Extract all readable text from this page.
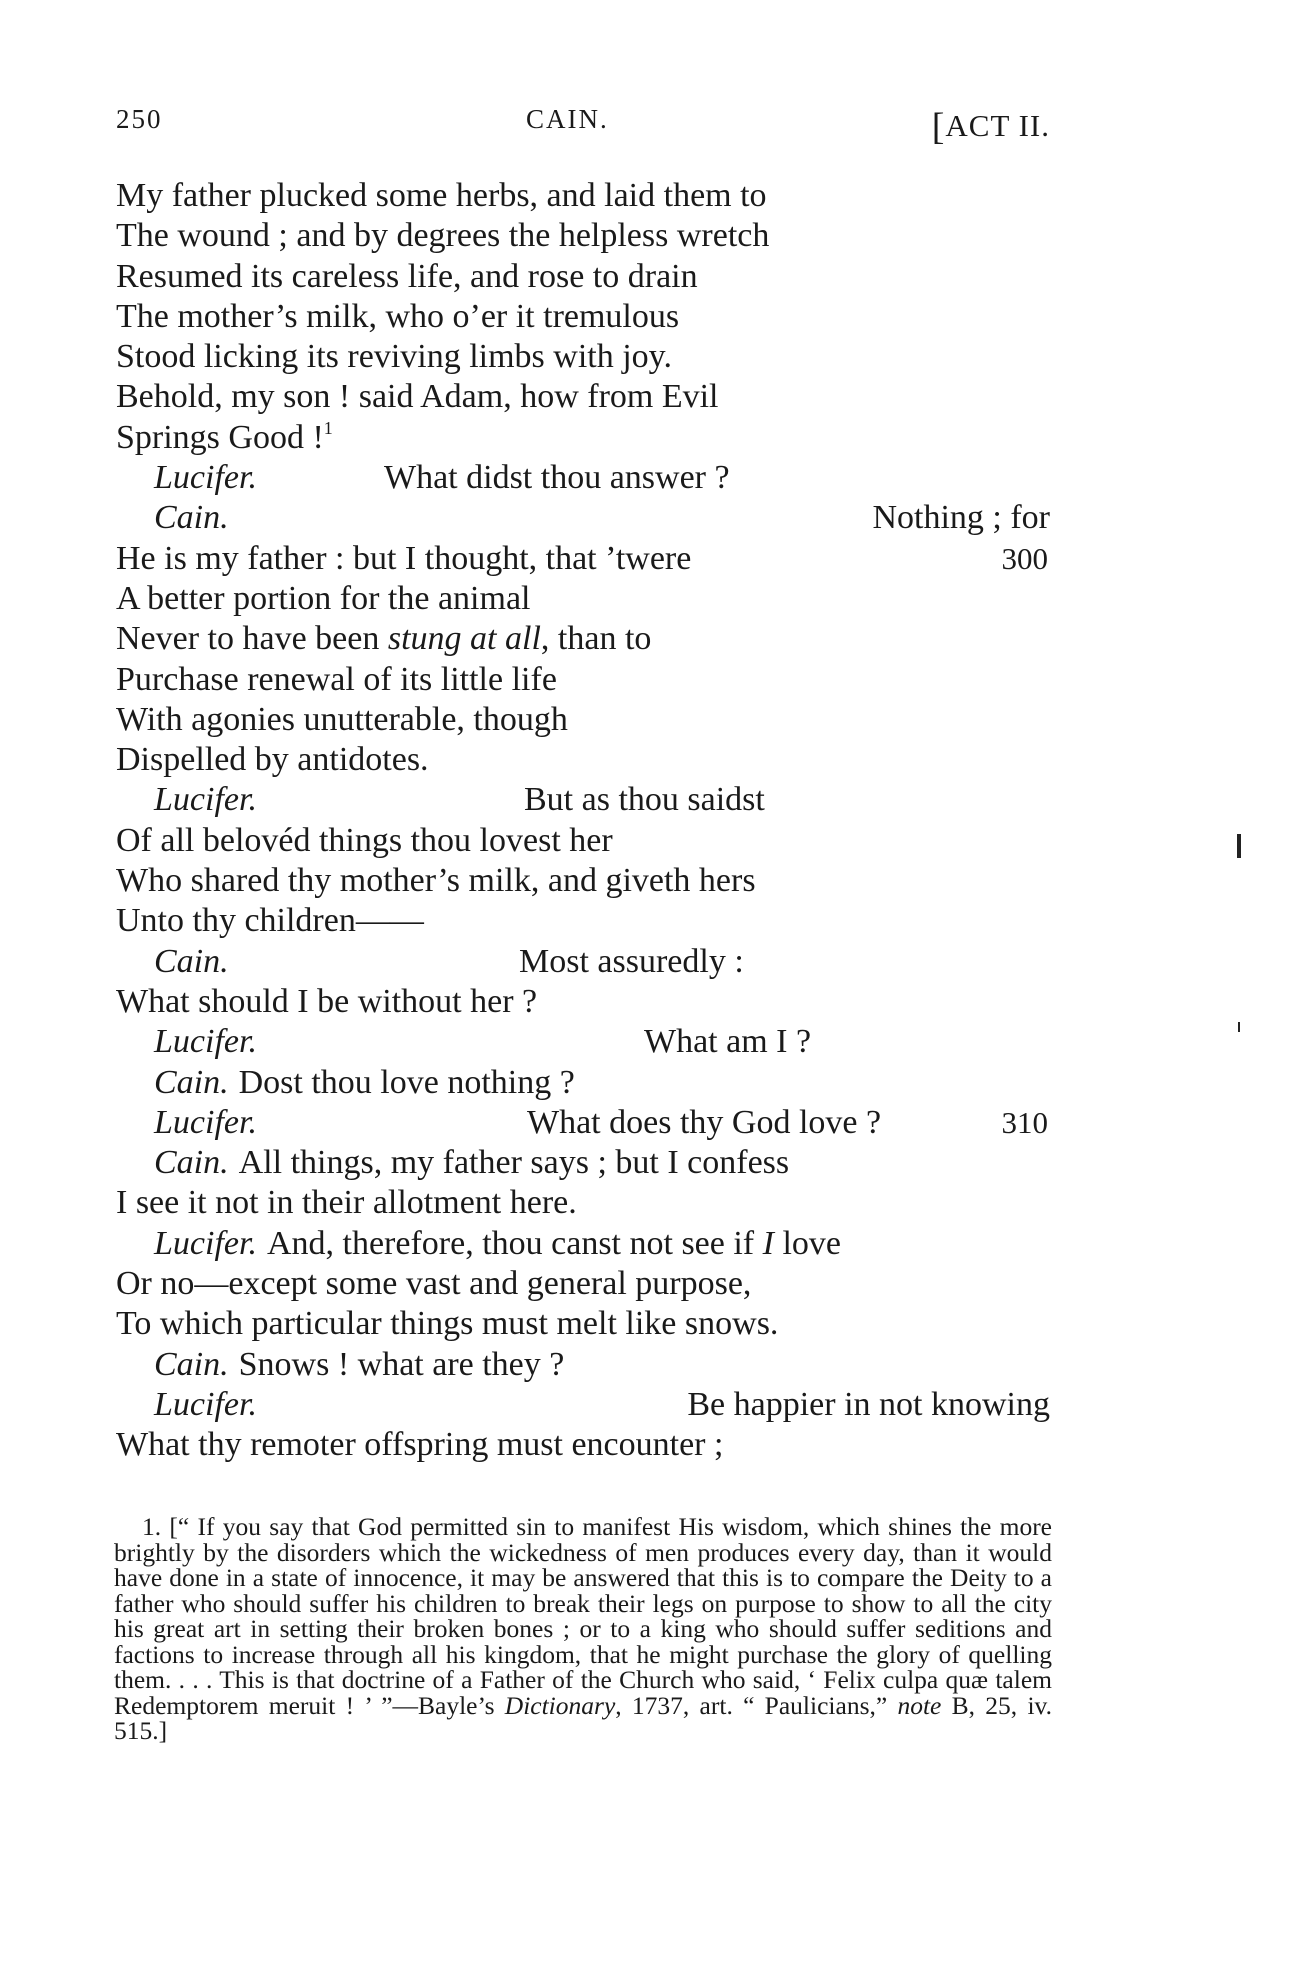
250	CAIN.	[ACT II.
My father plucked some herbs, and laid them to
The wound ; and by degrees the helpless wretch
Resumed its careless life, and rose to drain
The mother’s milk, who o’er it tremulous
Stood licking its reviving limbs with joy.
Behold, my son ! said Adam, how from Evil
Springs Good !$^1$
Lucifer.	What didst thou answer ?
Cain.	Nothing ; for
He is my father : but I thought, that ’twere	300
A better portion for the animal
Never to have been stung at all, than to
Purchase renewal of its little life
With agonies unutterable, though
Dispelled by antidotes.
Lucifer.	But as thou saidst
Of all belovéd things thou lovest her
Who shared thy mother’s milk, and giveth hers
Unto thy children——
Cain.	Most assuredly :
What should I be without her ?
Lucifer.	What am I ?
Cain. Dost thou love nothing ?
Lucifer.	What does thy God love ?	310
Cain. All things, my father says ; but I confess
I see it not in their allotment here.
Lucifer. And, therefore, thou canst not see if I love
Or no—except some vast and general purpose,
To which particular things must melt like snows.
Cain. Snows ! what are they ?
Lucifer.	Be happier in not knowing
What thy remoter offspring must encounter ;

1. [“ If you say that God permitted sin to manifest His wisdom, which shines the more brightly by the disorders which the wickedness of men produces every day, than it would have done in a state of innocence, it may be answered that this is to compare the Deity to a father who should suffer his children to break their legs on purpose to show to all the city his great art in setting their broken bones ; or to a king who should suffer seditions and factions to increase through all his kingdom, that he might purchase the glory of quelling them. . . . This is that doctrine of a Father of the Church who said, ‘ Felix culpa quæ talem Redemptorem meruit ! ’ ”—Bayle’s Dictionary, 1737, art. “ Paulicians,” note B, 25, iv. 515.]
